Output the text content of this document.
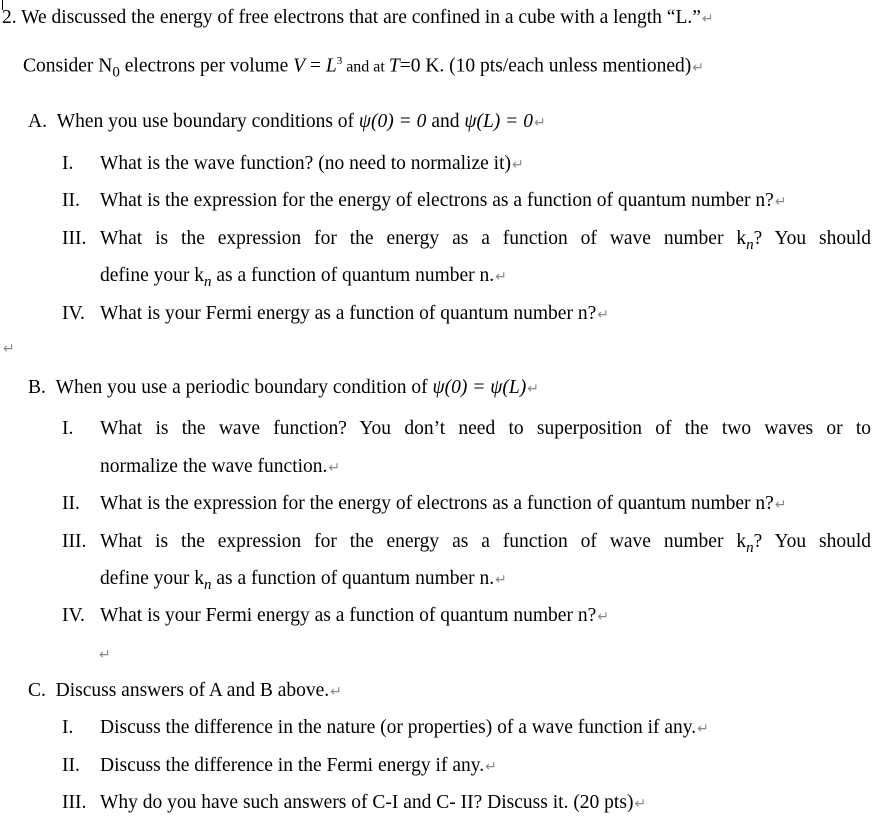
2. We discussed the energy of free electrons that are confined in a cube with a length “L.”↵
Consider $N_0$ electrons per volume $V = L^3$ and at T=0 K. (10 pts/each unless mentioned)↵
A. When you use boundary conditions of ψ(0) = 0 and ψ(L) = 0↵
I. What is the wave function? (no need to normalize it)↵
II. What is the expression for the energy of electrons as a function of quantum number n?↵
III. What is the expression for the energy as a function of wave number $k_n$? You should
define your $k_n$ as a function of quantum number n.↵
IV. What is your Fermi energy as a function of quantum number n?↵
↵
B. When you use a periodic boundary condition of ψ(0) = ψ(L)↵
I. What is the wave function? You don’t need to superposition of the two waves or to
normalize the wave function.↵
II. What is the expression for the energy of electrons as a function of quantum number n?↵
III. What is the expression for the energy as a function of wave number $k_n$? You should
define your $k_n$ as a function of quantum number n.↵
IV. What is your Fermi energy as a function of quantum number n?↵
↵
C. Discuss answers of A and B above.↵
I. Discuss the difference in the nature (or properties) of a wave function if any.↵
II. Discuss the difference in the Fermi energy if any.↵
III. Why do you have such answers of C-I and C- II? Discuss it. (20 pts)↵
